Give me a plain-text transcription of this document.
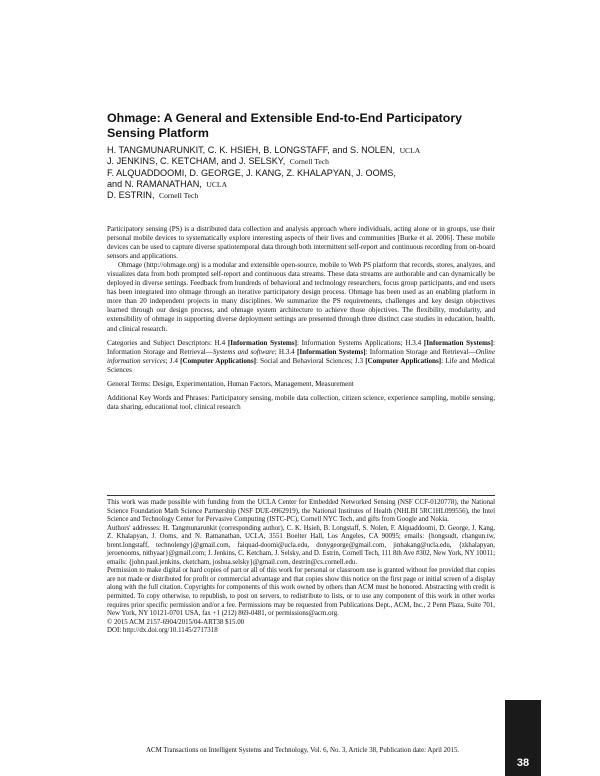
Ohmage: A General and Extensible End-to-End Participatory
Sensing Platform
H. TANGMUNARUNKIT, C. K. HSIEH, B. LONGSTAFF, and S. NOLEN, UCLA
J. JENKINS, C. KETCHAM, and J. SELSKY, Cornell Tech
F. ALQUADDOOMI, D. GEORGE, J. KANG, Z. KHALAPYAN, J. OOMS,
and N. RAMANATHAN, UCLA
D. ESTRIN, Cornell Tech

Participatory sensing (PS) is a distributed data collection and analysis approach where individuals, acting alone or in groups, use their personal mobile devices to systematically explore interesting aspects of their lives and communities [Burke et al. 2006]. These mobile devices can be used to capture diverse spatiotemporal data through both intermittent self-report and continuous recording from on-board sensors and applications.

Ohmage (http://ohmage.org) is a modular and extensible open-source, mobile to Web PS platform that records, stores, analyzes, and visualizes data from both prompted self-report and continuous data streams. These data streams are authorable and can dynamically be deployed in diverse settings. Feedback from hundreds of behavioral and technology researchers, focus group participants, and end users has been integrated into ohmage through an iterative participatory design process. Ohmage has been used as an enabling platform in more than 20 independent projects in many disciplines. We summarize the PS requirements, challenges and key design objectives learned through our design process, and ohmage system architecture to achieve those objectives. The flexibility, modularity, and extensibility of ohmage in supporting diverse deployment settings are presented through three distinct case studies in education, health, and clinical research.

Categories and Subject Descriptors: H.4 [Information Systems]: Information Systems Applications; H.3.4 [Information Systems]: Information Storage and Retrieval—Systems and software; H.3.4 [Information Systems]: Information Storage and Retrieval—Online information services; J.4 [Computer Applications]: Social and Behavioral Sciences; J.3 [Computer Applications]: Life and Medical Sciences

General Terms: Design, Experimentation, Human Factors, Management, Measurement

Additional Key Words and Phrases: Participatory sensing, mobile data collection, citizen science, experience sampling, mobile sensing, data sharing, educational tool, clinical research

This work was made possible with funding from the UCLA Center for Embedded Networked Sensing (NSF CCF-0120778), the National Science Foundation Math Science Partnership (NSF DUE-0962919), the National Institutes of Health (NHLBI 5RC1HL099556), the Intel Science and Technology Center for Pervasive Computing (ISTC-PC), Cornell NYC Tech, and gifts from Google and Nokia.

Authors' addresses: H. Tangmunarunkit (corresponding author), C. K. Hsieh, B. Longstaff, S. Nolen, F. Alquaddoomi, D. George, J. Kang, Z. Khalapyan, J. Ooms, and N. Ramanathan, UCLA, 3551 Boelter Hall, Los Angeles, CA 90095; emails: {hongsudt, changun.tw, brent.longstaff, technolengy}@gmail.com, faiquad-doomi@ucla.edu, donygeorge@gmail.com, jinhakang@ucla.edu, {zkhalapyan, jeroenooms, nithyaar}@gmail.com; J. Jenkins, C. Ketcham, J. Selsky, and D. Estrin, Cornell Tech, 111 8th Ave #302, New York, NY 10011; emails: {john.paul.jenkins, cketcham, joshua.selsky}@gmail.com, destrin@cs.cornell.edu.

Permission to make digital or hard copies of part or all of this work for personal or classroom use is granted without fee provided that copies are not made or distributed for profit or commercial advantage and that copies show this notice on the first page or initial screen of a display along with the full citation. Copyrights for components of this work owned by others than ACM must be honored. Abstracting with credit is permitted. To copy otherwise, to republish, to post on servers, to redistribute to lists, or to use any component of this work in other works requires prior specific permission and/or a fee. Permissions may be requested from Publications Dept., ACM, Inc., 2 Penn Plaza, Suite 701, New York, NY 10121-0701 USA, fax +1 (212) 869-0481, or permissions@acm.org.

© 2015 ACM 2157-6904/2015/04-ART38 $15.00

DOI: http://dx.doi.org/10.1145/2717318

ACM Transactions on Intelligent Systems and Technology, Vol. 6, No. 3, Article 38, Publication date: April 2015.
38
